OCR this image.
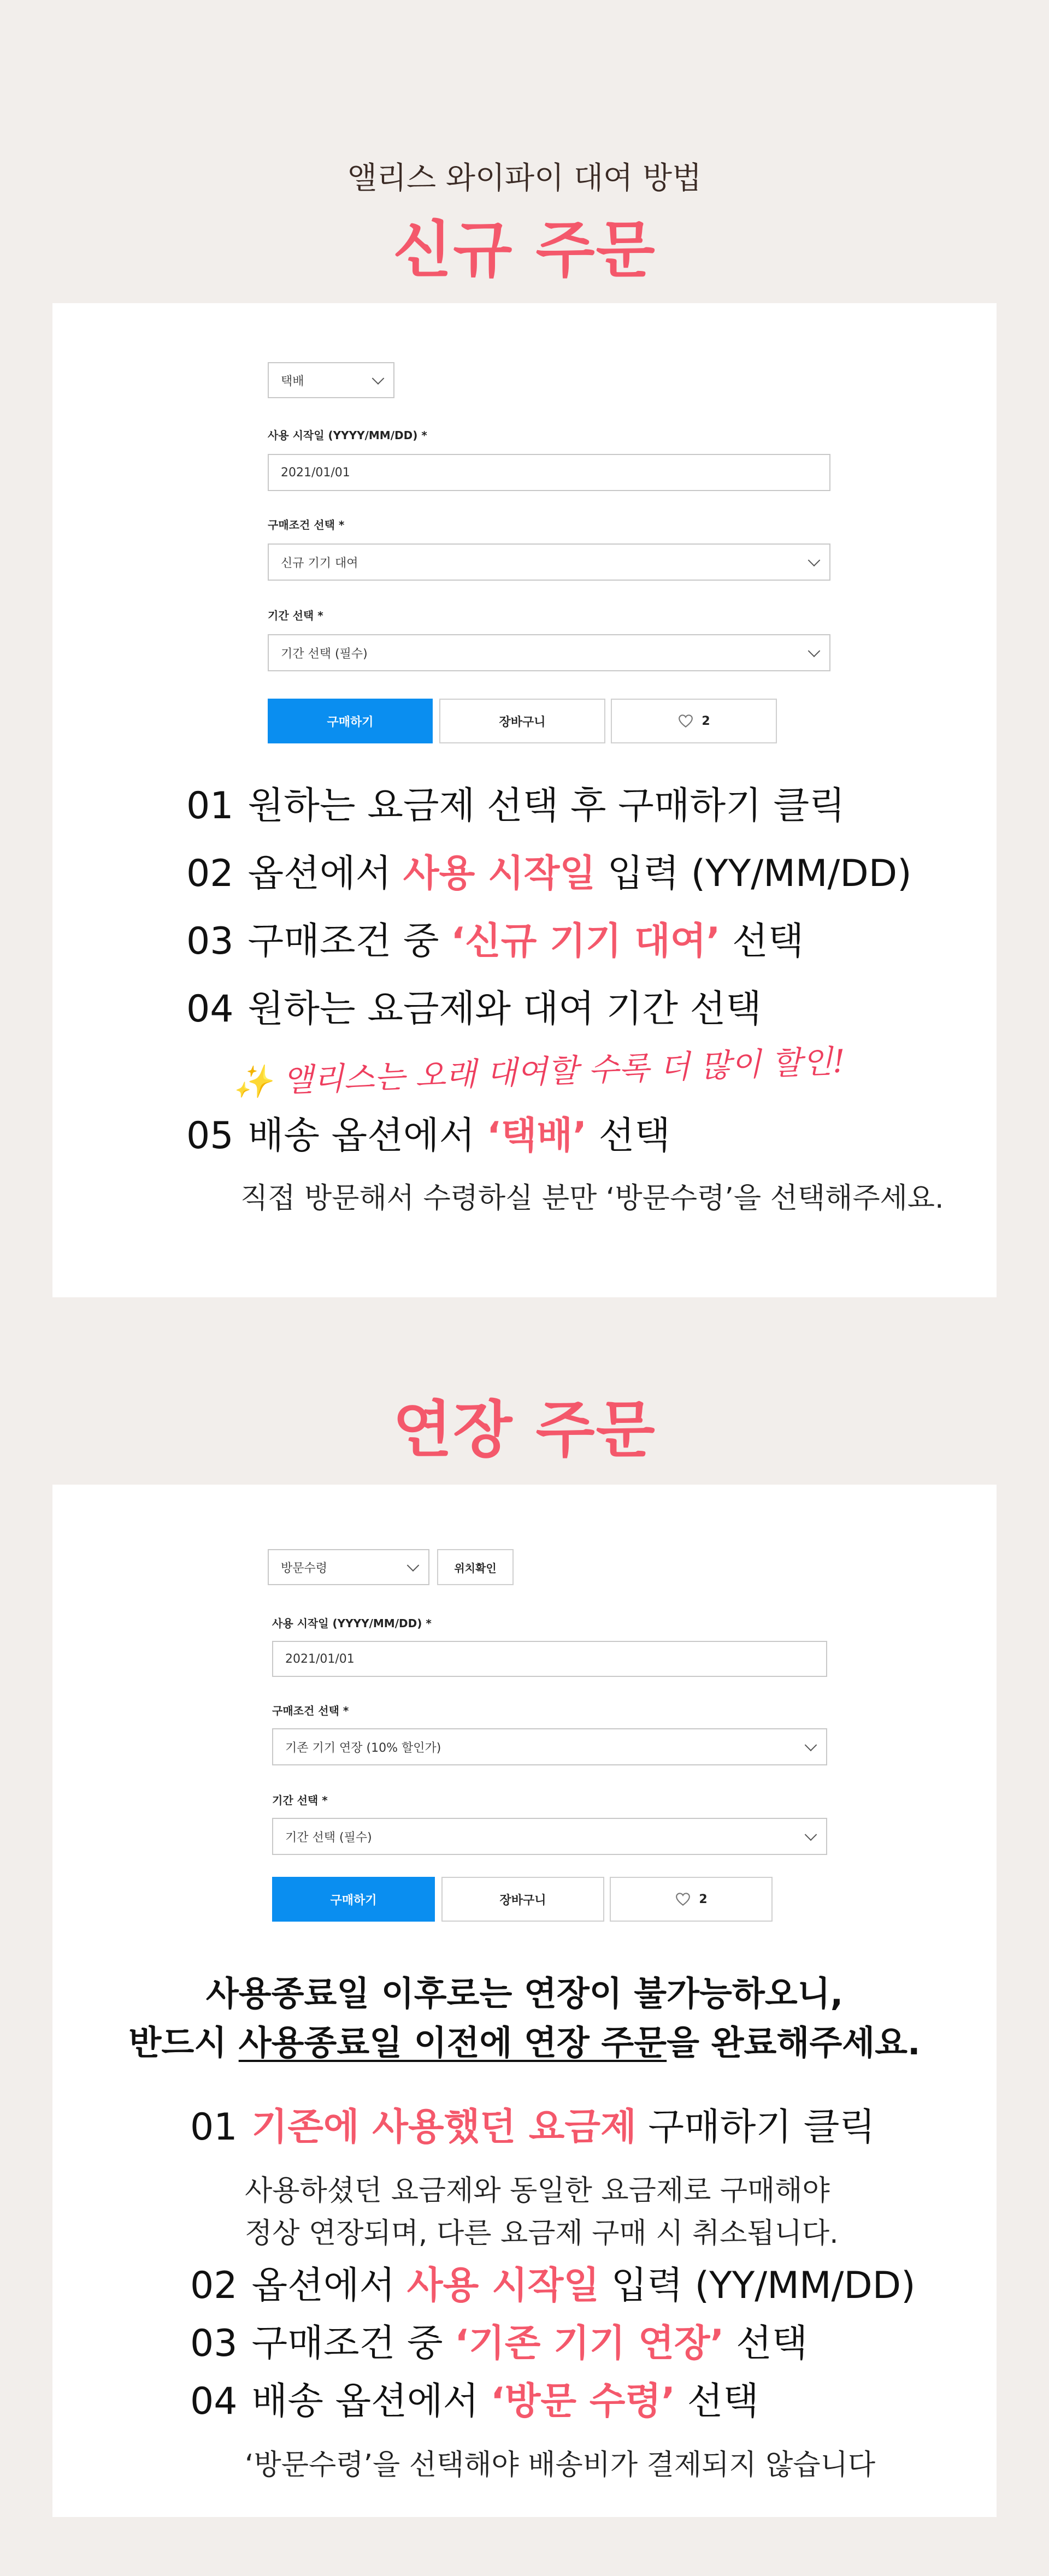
앨리스 와이파이 대여 방법
신규 주문
택배
사용 시작일 (YYYY/MM/DD) *
2021/01/01
구매조건 선택 *
신규 기기 대여
기간 선택 *
기간 선택 (필수)
구매하기	장바구니	2
01 원하는 요금제 선택 후 구매하기 클릭
02 옵션에서 사용 시작일 입력 (YY/MM/DD)
03 구매조건 중 ‘신규 기기 대여’ 선택
04 원하는 요금제와 대여 기간 선택
✨ 앨리스는 오래 대여할 수록 더 많이 할인!
05 배송 옵션에서 ‘택배’ 선택
직접 방문해서 수령하실 분만 ‘방문수령’을 선택해주세요.
연장 주문
방문수령	위치확인
사용 시작일 (YYYY/MM/DD) *
2021/01/01
구매조건 선택 *
기존 기기 연장 (10% 할인가)
기간 선택 *
기간 선택 (필수)
구매하기	장바구니	2
사용종료일 이후로는 연장이 불가능하오니,
반드시 사용종료일 이전에 연장 주문을 완료해주세요.
01 기존에 사용했던 요금제 구매하기 클릭
사용하셨던 요금제와 동일한 요금제로 구매해야
정상 연장되며, 다른 요금제 구매 시 취소됩니다.
02 옵션에서 사용 시작일 입력 (YY/MM/DD)
03 구매조건 중 ‘기존 기기 연장’ 선택
04 배송 옵션에서 ‘방문 수령’ 선택
‘방문수령’을 선택해야 배송비가 결제되지 않습니다
